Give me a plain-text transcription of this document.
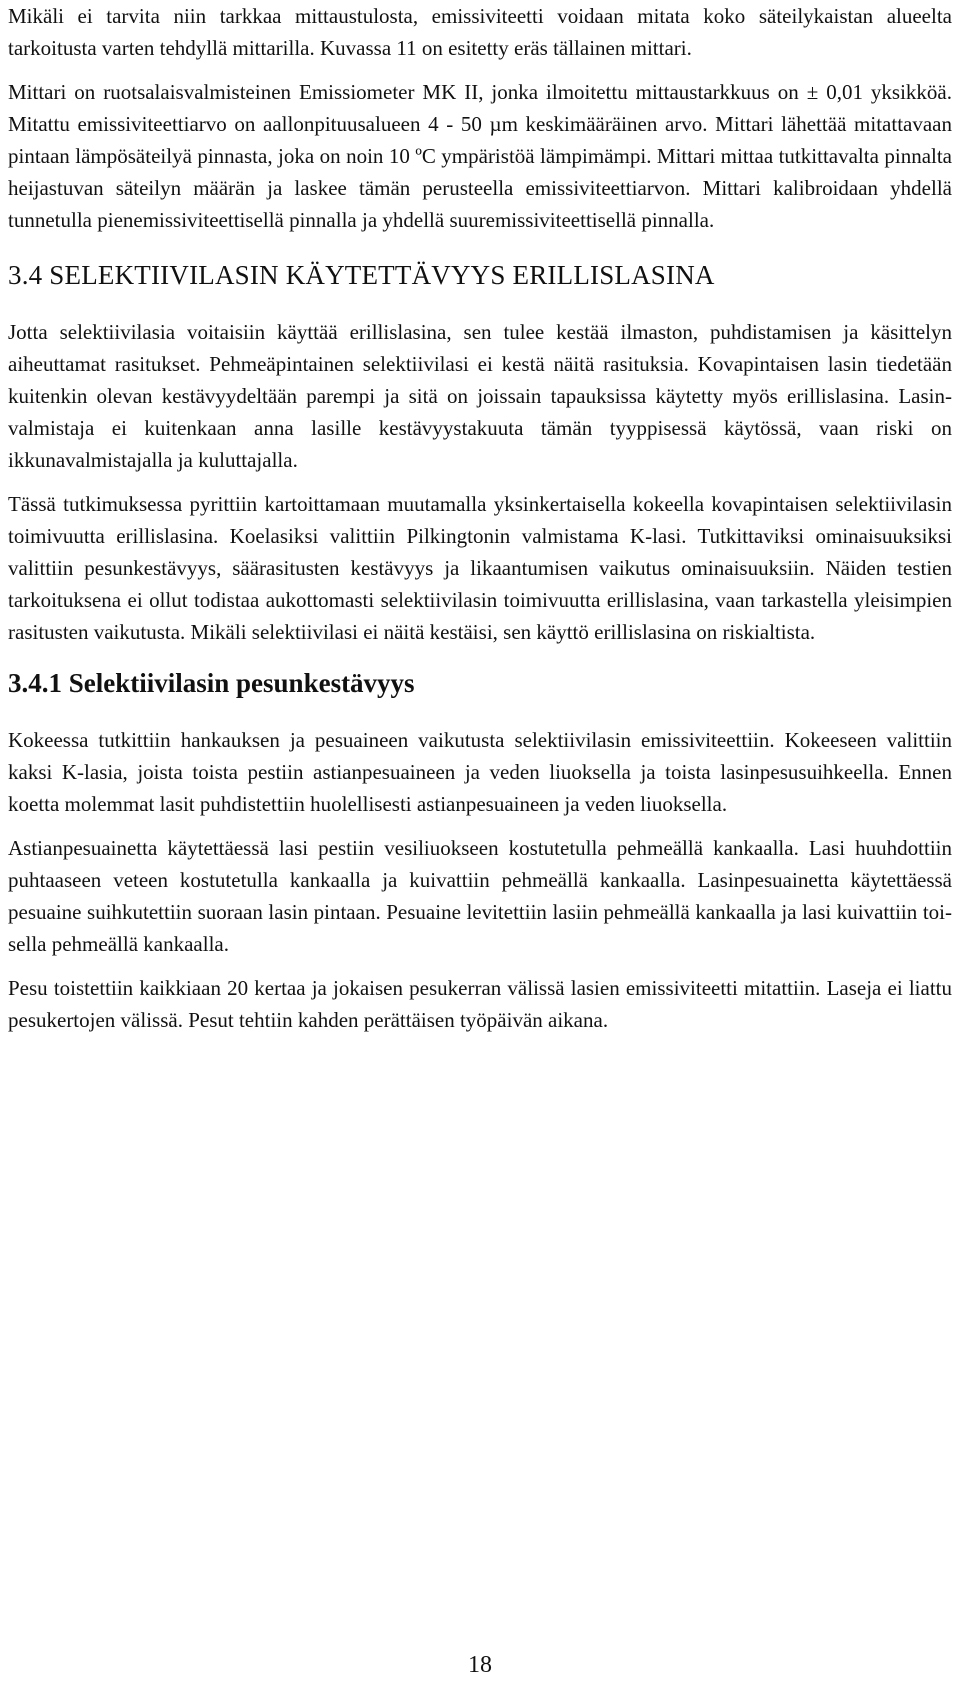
Mikäli ei tarvita niin tarkkaa mittaustulosta, emissiviteetti voidaan mitata koko säteilykaistan alueelta tarkoitusta varten tehdyllä mittarilla. Kuvassa 11 on esitetty eräs tällainen mittari.

Mittari on ruotsalaisvalmisteinen Emissiometer MK II, jonka ilmoitettu mittaustarkkuus on ± 0,01 yksikköä. Mitattu emissiviteettiarvo on aallonpituusalueen 4 - 50 µm keskimääräinen arvo. Mittari lähettää mitattavaan pintaan lämpösäteilyä pinnasta, joka on noin 10 ºC ympäristöä lämpimämpi. Mittari mittaa tutkittavalta pinnalta heijastuvan säteilyn määrän ja laskee tämän perusteella emissiviteettiarvon. Mittari kalibroidaan yhdellä tunnetulla pienemissiviteettisellä pinnalla ja yhdellä suuremissiviteettisellä pinnalla.

3.4 SELEKTIIVILASIN KÄYTETTÄVYYS ERILLISLASINA

Jotta selektiivilasia voitaisiin käyttää erillislasina, sen tulee kestää ilmaston, puhdistamisen ja käsittelyn aiheuttamat rasitukset. Pehmeäpintainen selektiivilasi ei kestä näitä rasituksia. Kovapintaisen lasin tiedetään kuitenkin olevan kestävyydeltään parempi ja sitä on joissain tapauksissa käytetty myös erillislasina. Lasinvalmistaja ei kuitenkaan anna lasille kestävyystakuuta tämän tyyppisessä käytössä, vaan riski on ikkunavalmistajalla ja kuluttajalla.

Tässä tutkimuksessa pyrittiin kartoittamaan muutamalla yksinkertaisella kokeella kovapintaisen selektiivilasin toimivuutta erillislasina. Koelasiksi valittiin Pilkingtonin valmistama K-lasi. Tutkittaviksi ominaisuuksiksi valittiin pesunkestävyys, säärasitusten kestävyys ja likaantumisen vaikutus ominaisuuksiin. Näiden testien tarkoituksena ei ollut todistaa aukottomasti selektiivilasin toimivuutta erillislasina, vaan tarkastella yleisimpien rasitusten vaikutusta. Mikäli selektiivilasi ei näitä kestäisi, sen käyttö erillislasina on riskialtista.

3.4.1 Selektiivilasin pesunkestävyys

Kokeessa tutkittiin hankauksen ja pesuaineen vaikutusta selektiivilasin emissiviteettiin. Kokeeseen valittiin kaksi K-lasia, joista toista pestiin astianpesuaineen ja veden liuoksella ja toista lasinpesusuihkeella. Ennen koetta molemmat lasit puhdistettiin huolellisesti astianpesuaineen ja veden liuoksella.

Astianpesuainetta käytettäessä lasi pestiin vesiliuokseen kostutetulla pehmeällä kankaalla. Lasi huuhdottiin puhtaaseen veteen kostutetulla kankaalla ja kuivattiin pehmeällä kankaalla. Lasinpesuainetta käytettäessä pesuaine suihkutettiin suoraan lasin pintaan. Pesuaine levitettiin lasiin pehmeällä kankaalla ja lasi kuivattiin toisella pehmeällä kankaalla.

Pesu toistettiin kaikkiaan 20 kertaa ja jokaisen pesukerran välissä lasien emissiviteetti mitattiin. Laseja ei liattu pesukertojen välissä. Pesut tehtiin kahden perättäisen työpäivän aikana.

18
